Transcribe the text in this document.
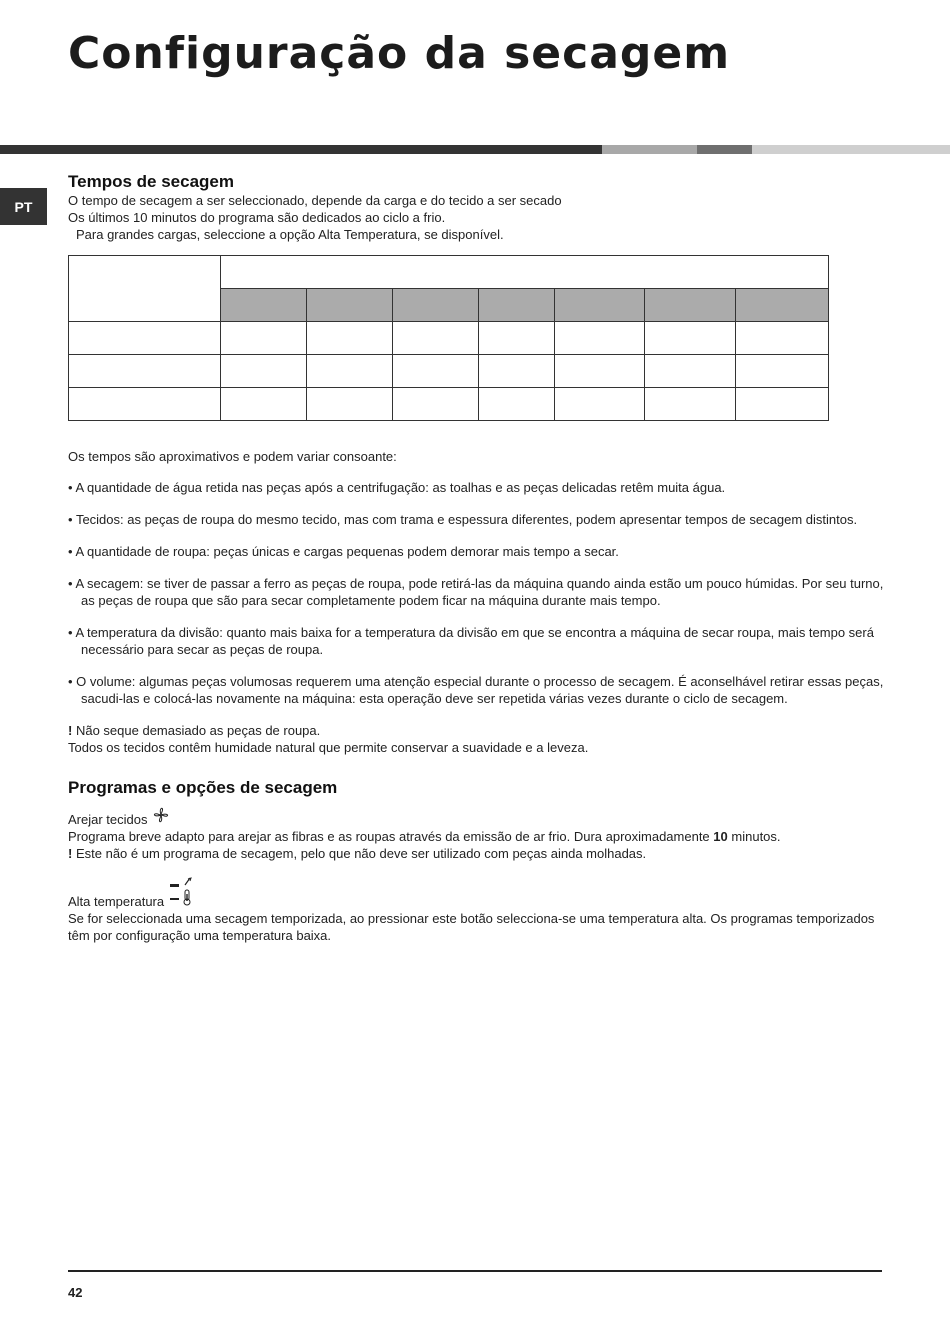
Configuração da secagem
PT
Tempos de secagem

O tempo de secagem a ser seleccionado, depende da carga e do tecido a ser secado

Os últimos 10 minutos do programa são dedicados ao ciclo a frio.

Para grandes cargas, seleccione a opção Alta Temperatura, se disponível.

Os tempos são aproximativos e podem variar consoante:

• A quantidade de água retida nas peças após a centrifugação: as toalhas e as peças delicadas retêm muita água.
• Tecidos: as peças de roupa do mesmo tecido, mas com trama e espessura diferentes, podem apresentar tempos de secagem distintos.
• A quantidade de roupa: peças únicas e cargas pequenas podem demorar mais tempo a secar.
• A secagem: se tiver de passar a ferro as peças de roupa, pode retirá-las da máquina quando ainda estão um pouco húmidas. Por seu turno, as peças de roupa que são para secar completamente podem ficar na máquina durante mais tempo.
• A temperatura da divisão: quanto mais baixa for a temperatura da divisão em que se encontra a máquina de secar roupa, mais tempo será necessário para secar as peças de roupa.
• O volume: algumas peças volumosas requerem uma atenção especial durante o processo de secagem. É aconselhável retirar essas peças, sacudi-las e colocá-las novamente na máquina: esta operação deve ser repetida várias vezes durante o ciclo de secagem.

! Não seque demasiado as peças de roupa.

Todos os tecidos contêm humidade natural que permite conservar a suavidade e a leveza.

Programas e opções de secagem
Arejar tecidos

Programa breve adapto para arejar as fibras e as roupas através da emissão de ar frio. Dura aproximadamente 10 minutos.

! Este não é um programa de secagem, pelo que não deve ser utilizado com peças ainda molhadas.

Alta temperatura

Se for seleccionada uma secagem temporizada, ao pressionar este botão selecciona-se uma temperatura alta. Os programas temporizados têm por configuração uma temperatura baixa.

42
